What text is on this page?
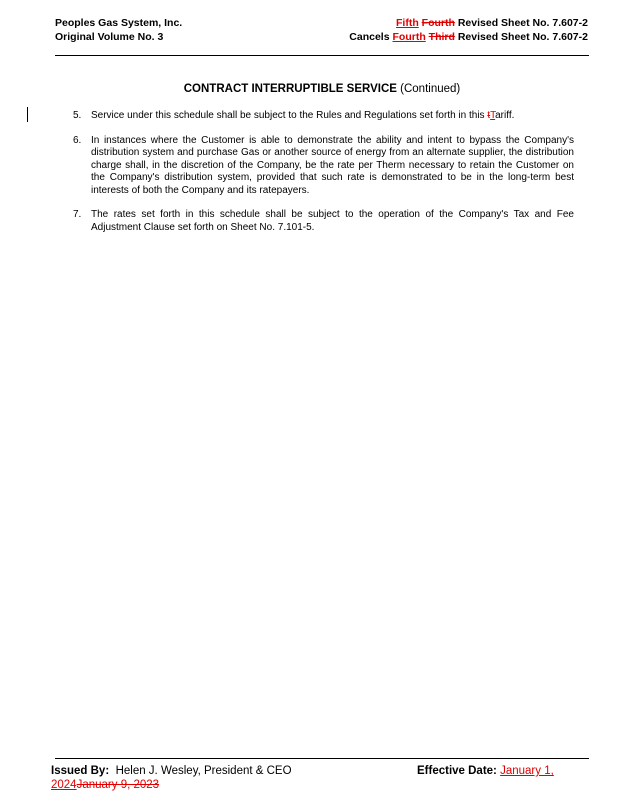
Peoples Gas System, Inc.
Original Volume No. 3
Fifth Fourth Revised Sheet No. 7.607-2
Cancels Fourth Third Revised Sheet No. 7.607-2
CONTRACT INTERRUPTIBLE SERVICE (Continued)
5. Service under this schedule shall be subject to the Rules and Regulations set forth in this tTariff.
6. In instances where the Customer is able to demonstrate the ability and intent to bypass the Company's distribution system and purchase Gas or another source of energy from an alternate supplier, the distribution charge shall, in the discretion of the Company, be the rate per Therm necessary to retain the Customer on the Company's distribution system, provided that such rate is demonstrated to be in the long-term best interests of both the Company and its ratepayers.
7. The rates set forth in this schedule shall be subject to the operation of the Company's Tax and Fee Adjustment Clause set forth on Sheet No. 7.101-5.
Issued By: Helen J. Wesley, President & CEO	Effective Date: January 1,
2024January 9, 2023
